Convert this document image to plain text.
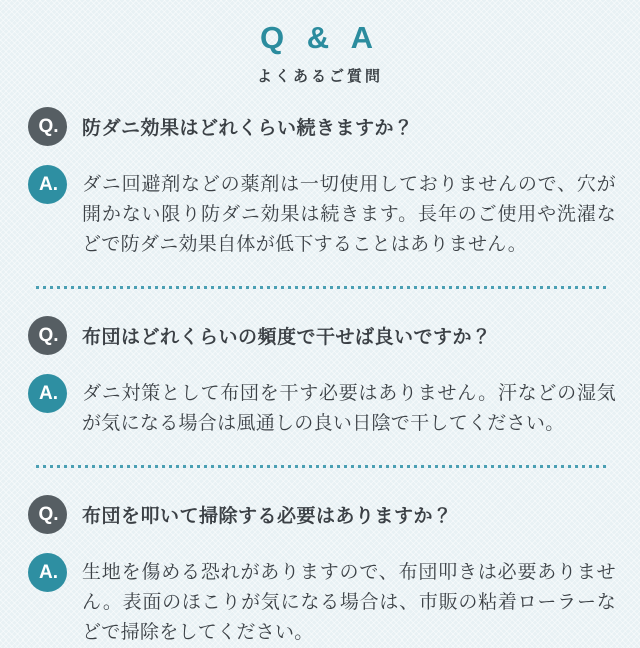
Q & A
よくあるご質問
Q.	防ダニ効果はどれくらい続きますか？
A.	ダニ回避剤などの薬剤は一切使用しておりませんので、穴が開かない限り防ダニ効果は続きます。長年のご使用や洗濯などで防ダニ効果自体が低下することはありません。
Q.	布団はどれくらいの頻度で干せば良いですか？
A.	ダニ対策として布団を干す必要はありません。汗などの湿気が気になる場合は風通しの良い日陰で干してください。
Q.	布団を叩いて掃除する必要はありますか？
A.	生地を傷める恐れがありますので、布団叩きは必要ありません。表面のほこりが気になる場合は、市販の粘着ローラーなどで掃除をしてください。
